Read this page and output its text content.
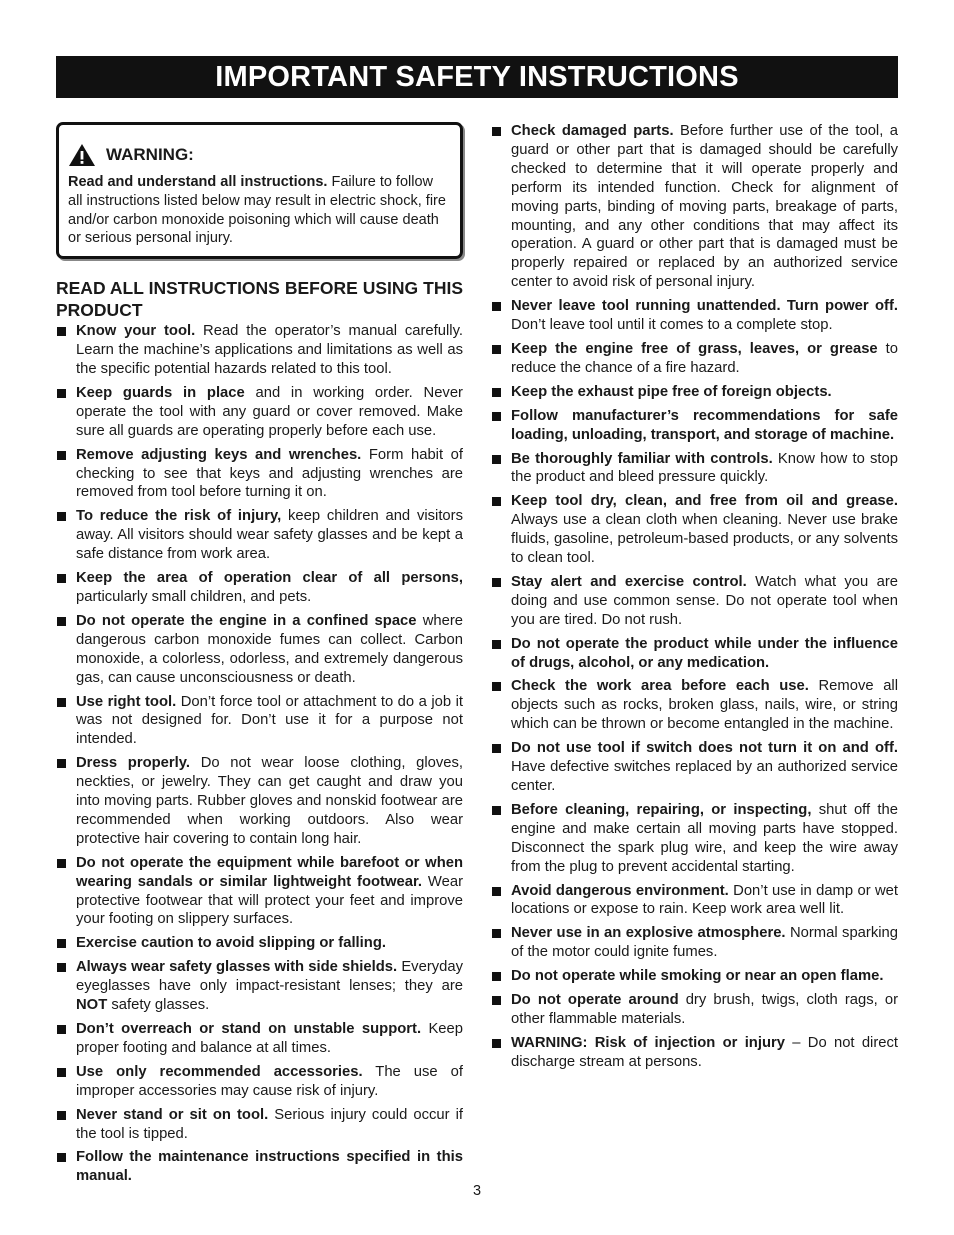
IMPORTANT SAFETY INSTRUCTIONS
WARNING:
Read and understand all instructions. Failure to follow all instructions listed below may result in electric shock, fire and/or carbon monoxide poisoning which will cause death or serious personal injury.
READ ALL INSTRUCTIONS BEFORE USING THIS PRODUCT
Know your tool. Read the operator’s manual carefully. Learn the machine’s applications and limitations as well as the specific potential hazards related to this tool.
Keep guards in place and in working order. Never operate the tool with any guard or cover removed. Make sure all guards are operating properly before each use.
Remove adjusting keys and wrenches. Form habit of checking to see that keys and adjusting wrenches are removed from tool before turning it on.
To reduce the risk of injury, keep children and visitors away. All visitors should wear safety glasses and be kept a safe distance from work area.
Keep the area of operation clear of all persons, particularly small children, and pets.
Do not operate the engine in a confined space where dangerous carbon monoxide fumes can collect. Carbon monoxide, a colorless, odorless, and extremely dangerous gas, can cause unconsciousness or death.
Use right tool. Don’t force tool or attachment to do a job it was not designed for. Don’t use it for a purpose not intended.
Dress properly. Do not wear loose clothing, gloves, neckties, or jewelry. They can get caught and draw you into moving parts. Rubber gloves and nonskid footwear are recommended when working outdoors. Also wear protective hair covering to contain long hair.
Do not operate the equipment while barefoot or when wearing sandals or similar lightweight footwear. Wear protective footwear that will protect your feet and improve your footing on slippery surfaces.
Exercise caution to avoid slipping or falling.
Always wear safety glasses with side shields. Everyday eyeglasses have only impact-resistant lenses; they are NOT safety glasses.
Don’t overreach or stand on unstable support. Keep proper footing and balance at all times.
Use only recommended accessories. The use of improper accessories may cause risk of injury.
Never stand or sit on tool. Serious injury could occur if the tool is tipped.
Follow the maintenance instructions specified in this manual.
Check damaged parts. Before further use of the tool, a guard or other part that is damaged should be carefully checked to determine that it will operate properly and perform its intended function. Check for alignment of moving parts, binding of moving parts, breakage of parts, mounting, and any other conditions that may affect its operation. A guard or other part that is damaged must be properly repaired or replaced by an authorized service center to avoid risk of personal injury.
Never leave tool running unattended. Turn power off. Don’t leave tool until it comes to a complete stop.
Keep the engine free of grass, leaves, or grease to reduce the chance of a fire hazard.
Keep the exhaust pipe free of foreign objects.
Follow manufacturer’s recommendations for safe loading, unloading, transport, and storage of machine.
Be thoroughly familiar with controls. Know how to stop the product and bleed pressure quickly.
Keep tool dry, clean, and free from oil and grease. Always use a clean cloth when cleaning. Never use brake fluids, gasoline, petroleum-based products, or any solvents to clean tool.
Stay alert and exercise control. Watch what you are doing and use common sense. Do not operate tool when you are tired. Do not rush.
Do not operate the product while under the influence of drugs, alcohol, or any medication.
Check the work area before each use. Remove all objects such as rocks, broken glass, nails, wire, or string which can be thrown or become entangled in the machine.
Do not use tool if switch does not turn it on and off. Have defective switches replaced by an authorized service center.
Before cleaning, repairing, or inspecting, shut off the engine and make certain all moving parts have stopped. Disconnect the spark plug wire, and keep the wire away from the plug to prevent accidental starting.
Avoid dangerous environment. Don’t use in damp or wet locations or expose to rain. Keep work area well lit.
Never use in an explosive atmosphere. Normal sparking of the motor could ignite fumes.
Do not operate while smoking or near an open flame.
Do not operate around dry brush, twigs, cloth rags, or other flammable materials.
WARNING: Risk of injection or injury – Do not direct discharge stream at persons.
3
